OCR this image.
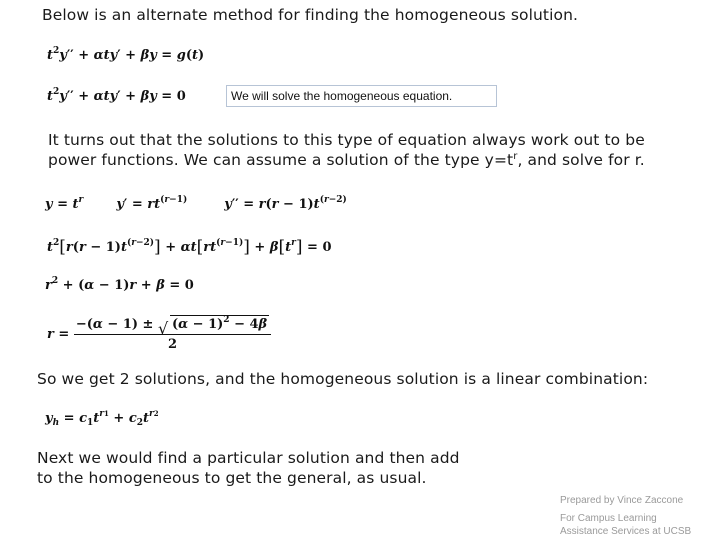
Below is an alternate method for finding the homogeneous solution.
$t^2y'' + \alpha ty' + \beta y = g(t)$
$t^2y'' + \alpha ty' + \beta y = 0$	We will solve the homogeneous equation.
It turns out that the solutions to this type of equation always work out to be
power functions. We can assume a solution of the type $y=t^r$, and solve for r.
$y = t^r$	$y' = rt^{(r-1)}$	$y'' = r(r - 1)t^{(r-2)}$
$t^2[r(r - 1)t^{(r-2)}] + \alpha t[rt^{(r-1)}] + \beta[t^r] = 0$
$r^2 + (\alpha - 1)r + \beta = 0$
$r = \frac{-(\alpha - 1) \pm √ (\alpha - 1)^2 - 4\beta}{2}$
So we get 2 solutions, and the homogeneous solution is a linear combination:
$y_h = c_1t^{r1} + c_2t^{r2}$
Next we would find a particular solution and then add
to the homogeneous to get the general, as usual.
Prepared by Vince Zaccone
For Campus Learning
Assistance Services at UCSB
